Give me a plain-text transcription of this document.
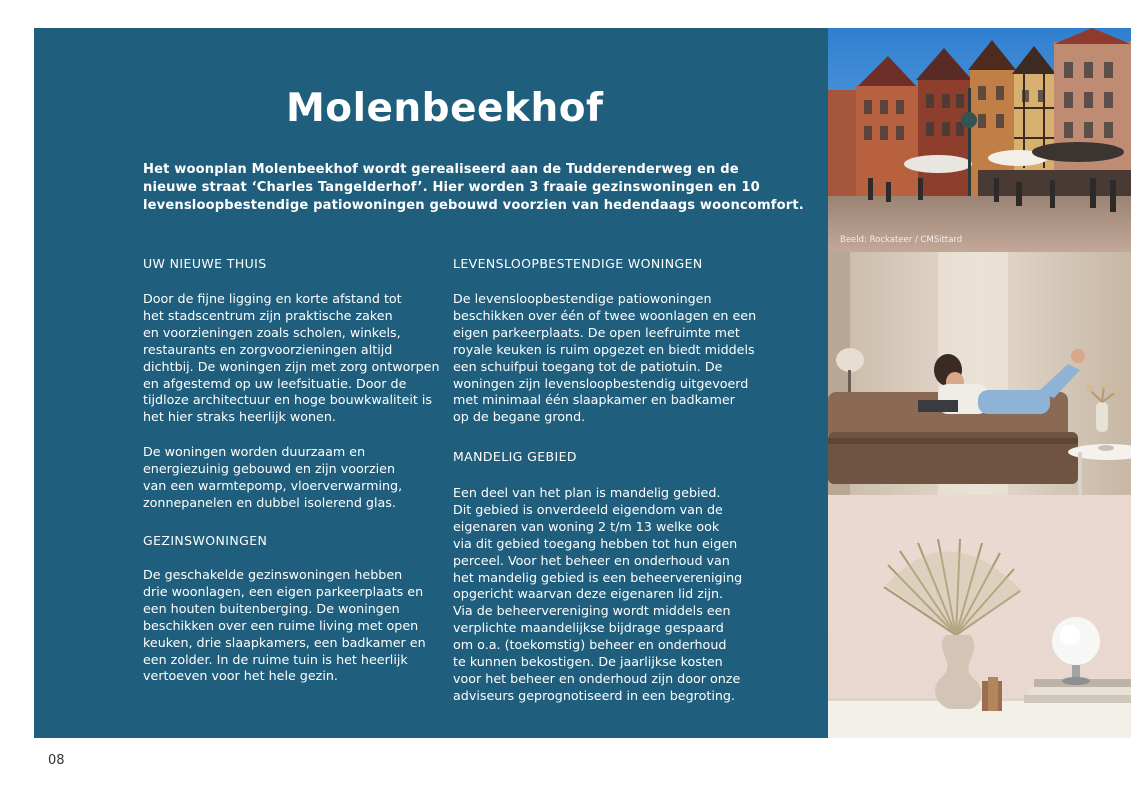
Molenbeekhof
Het woonplan Molenbeekhof wordt gerealiseerd aan de Tudderenderweg en de
nieuwe straat ‘Charles Tangelderhof’. Hier worden 3 fraaie gezinswoningen en 10
levensloopbestendige patiowoningen gebouwd voorzien van hedendaags wooncomfort.
UW NIEUWE THUIS
Door de fijne ligging en korte afstand tot
het stadscentrum zijn praktische zaken
en voorzieningen zoals scholen, winkels,
restaurants en zorgvoorzieningen altijd
dichtbij. De woningen zijn met zorg ontworpen
en afgestemd op uw leefsituatie. Door de
tijdloze architectuur en hoge bouwkwaliteit is
het hier straks heerlijk wonen.
De woningen worden duurzaam en
energiezuinig gebouwd en zijn voorzien
van een warmtepomp, vloerverwarming,
zonnepanelen en dubbel isolerend glas.
GEZINSWONINGEN
De geschakelde gezinswoningen hebben
drie woonlagen, een eigen parkeerplaats en
een houten buitenberging. De woningen
beschikken over een ruime living met open
keuken, drie slaapkamers, een badkamer en
een zolder. In de ruime tuin is het heerlijk
vertoeven voor het hele gezin.
LEVENSLOOPBESTENDIGE WONINGEN
De levensloopbestendige patiowoningen
beschikken over één of twee woonlagen en een
eigen parkeerplaats. De open leefruimte met
royale keuken is ruim opgezet en biedt middels
een schuifpui toegang tot de patiotuin. De
woningen zijn levensloopbestendig uitgevoerd
met minimaal één slaapkamer en badkamer
op de begane grond.
MANDELIG GEBIED
Een deel van het plan is mandelig gebied.
Dit gebied is onverdeeld eigendom van de
eigenaren van woning 2 t/m 13 welke ook
via dit gebied toegang hebben tot hun eigen
perceel. Voor het beheer en onderhoud van
het mandelig gebied is een beheervereniging
opgericht waarvan deze eigenaren lid zijn.
Via de beheervereniging wordt middels een
verplichte maandelijkse bijdrage gespaard
om o.a. (toekomstig) beheer en onderhoud
te kunnen bekostigen. De jaarlijkse kosten
voor het beheer en onderhoud zijn door onze
adviseurs geprognotiseerd in een begroting.
Beeld: Rockateer / CMSittard
08
